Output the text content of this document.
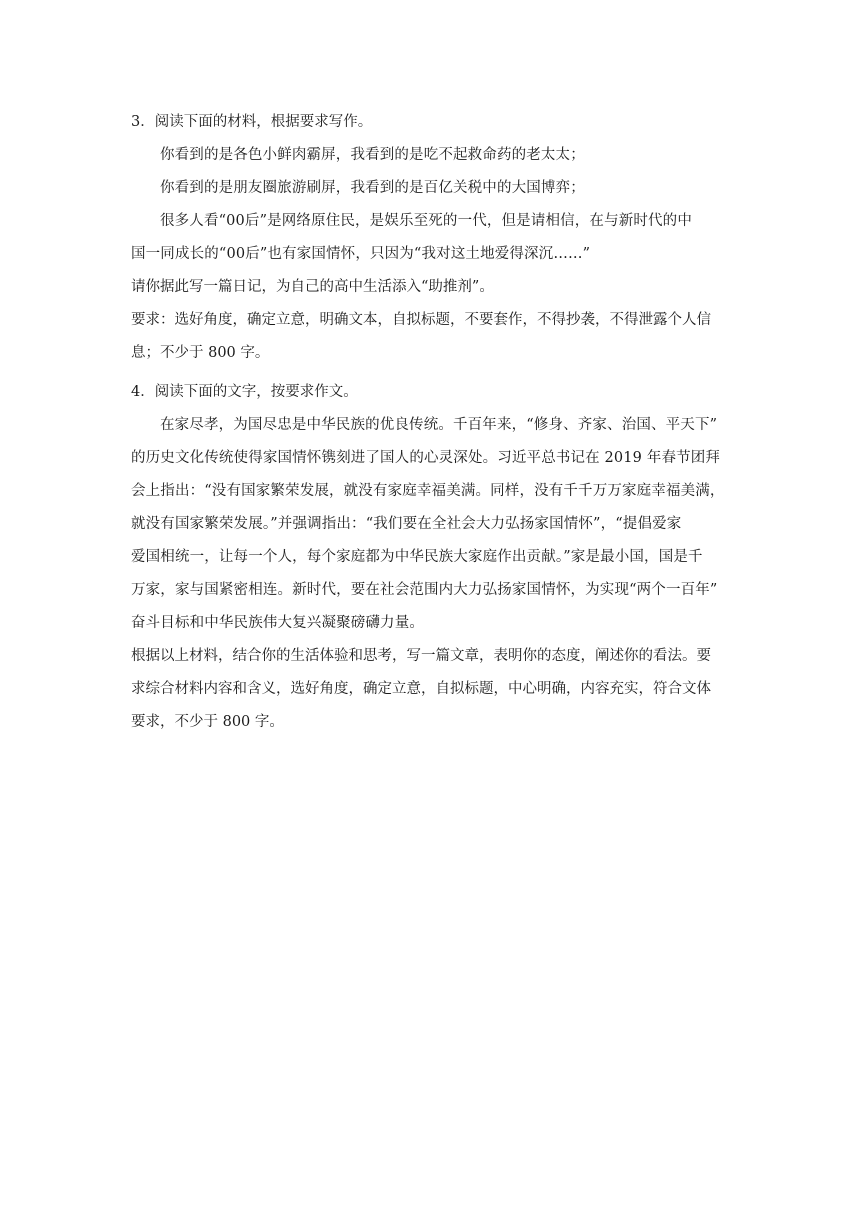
3．阅读下面的材料，根据要求写作。
你看到的是各色小鲜肉霸屏，我看到的是吃不起救命药的老太太；
你看到的是朋友圈旅游刷屏，我看到的是百亿关税中的大国博弈；
很多人看“00后”是网络原住民，是娱乐至死的一代，但是请相信，在与新时代的中
国一同成长的“00后”也有家国情怀，只因为“我对这土地爱得深沉……”
请你据此写一篇日记，为自己的高中生活添入“助推剂”。
要求：选好角度，确定立意，明确文本，自拟标题，不要套作，不得抄袭，不得泄露个人信
息；不少于 800 字。
4．阅读下面的文字，按要求作文。
在家尽孝，为国尽忠是中华民族的优良传统。千百年来，“修身、齐家、治国、平天下”
的历史文化传统使得家国情怀镌刻进了国人的心灵深处。习近平总书记在 2019 年春节团拜
会上指出：“没有国家繁荣发展，就没有家庭幸福美满。同样，没有千千万万家庭幸福美满，
就没有国家繁荣发展。”并强调指出：“我们要在全社会大力弘扬家国情怀”，“提倡爱家
爱国相统一，让每一个人，每个家庭都为中华民族大家庭作出贡献。”家是最小国，国是千
万家，家与国紧密相连。新时代，要在社会范围内大力弘扬家国情怀，为实现“两个一百年”
奋斗目标和中华民族伟大复兴凝聚磅礴力量。
根据以上材料，结合你的生活体验和思考，写一篇文章，表明你的态度，阐述你的看法。要
求综合材料内容和含义，选好角度，确定立意，自拟标题，中心明确，内容充实，符合文体
要求，不少于 800 字。
